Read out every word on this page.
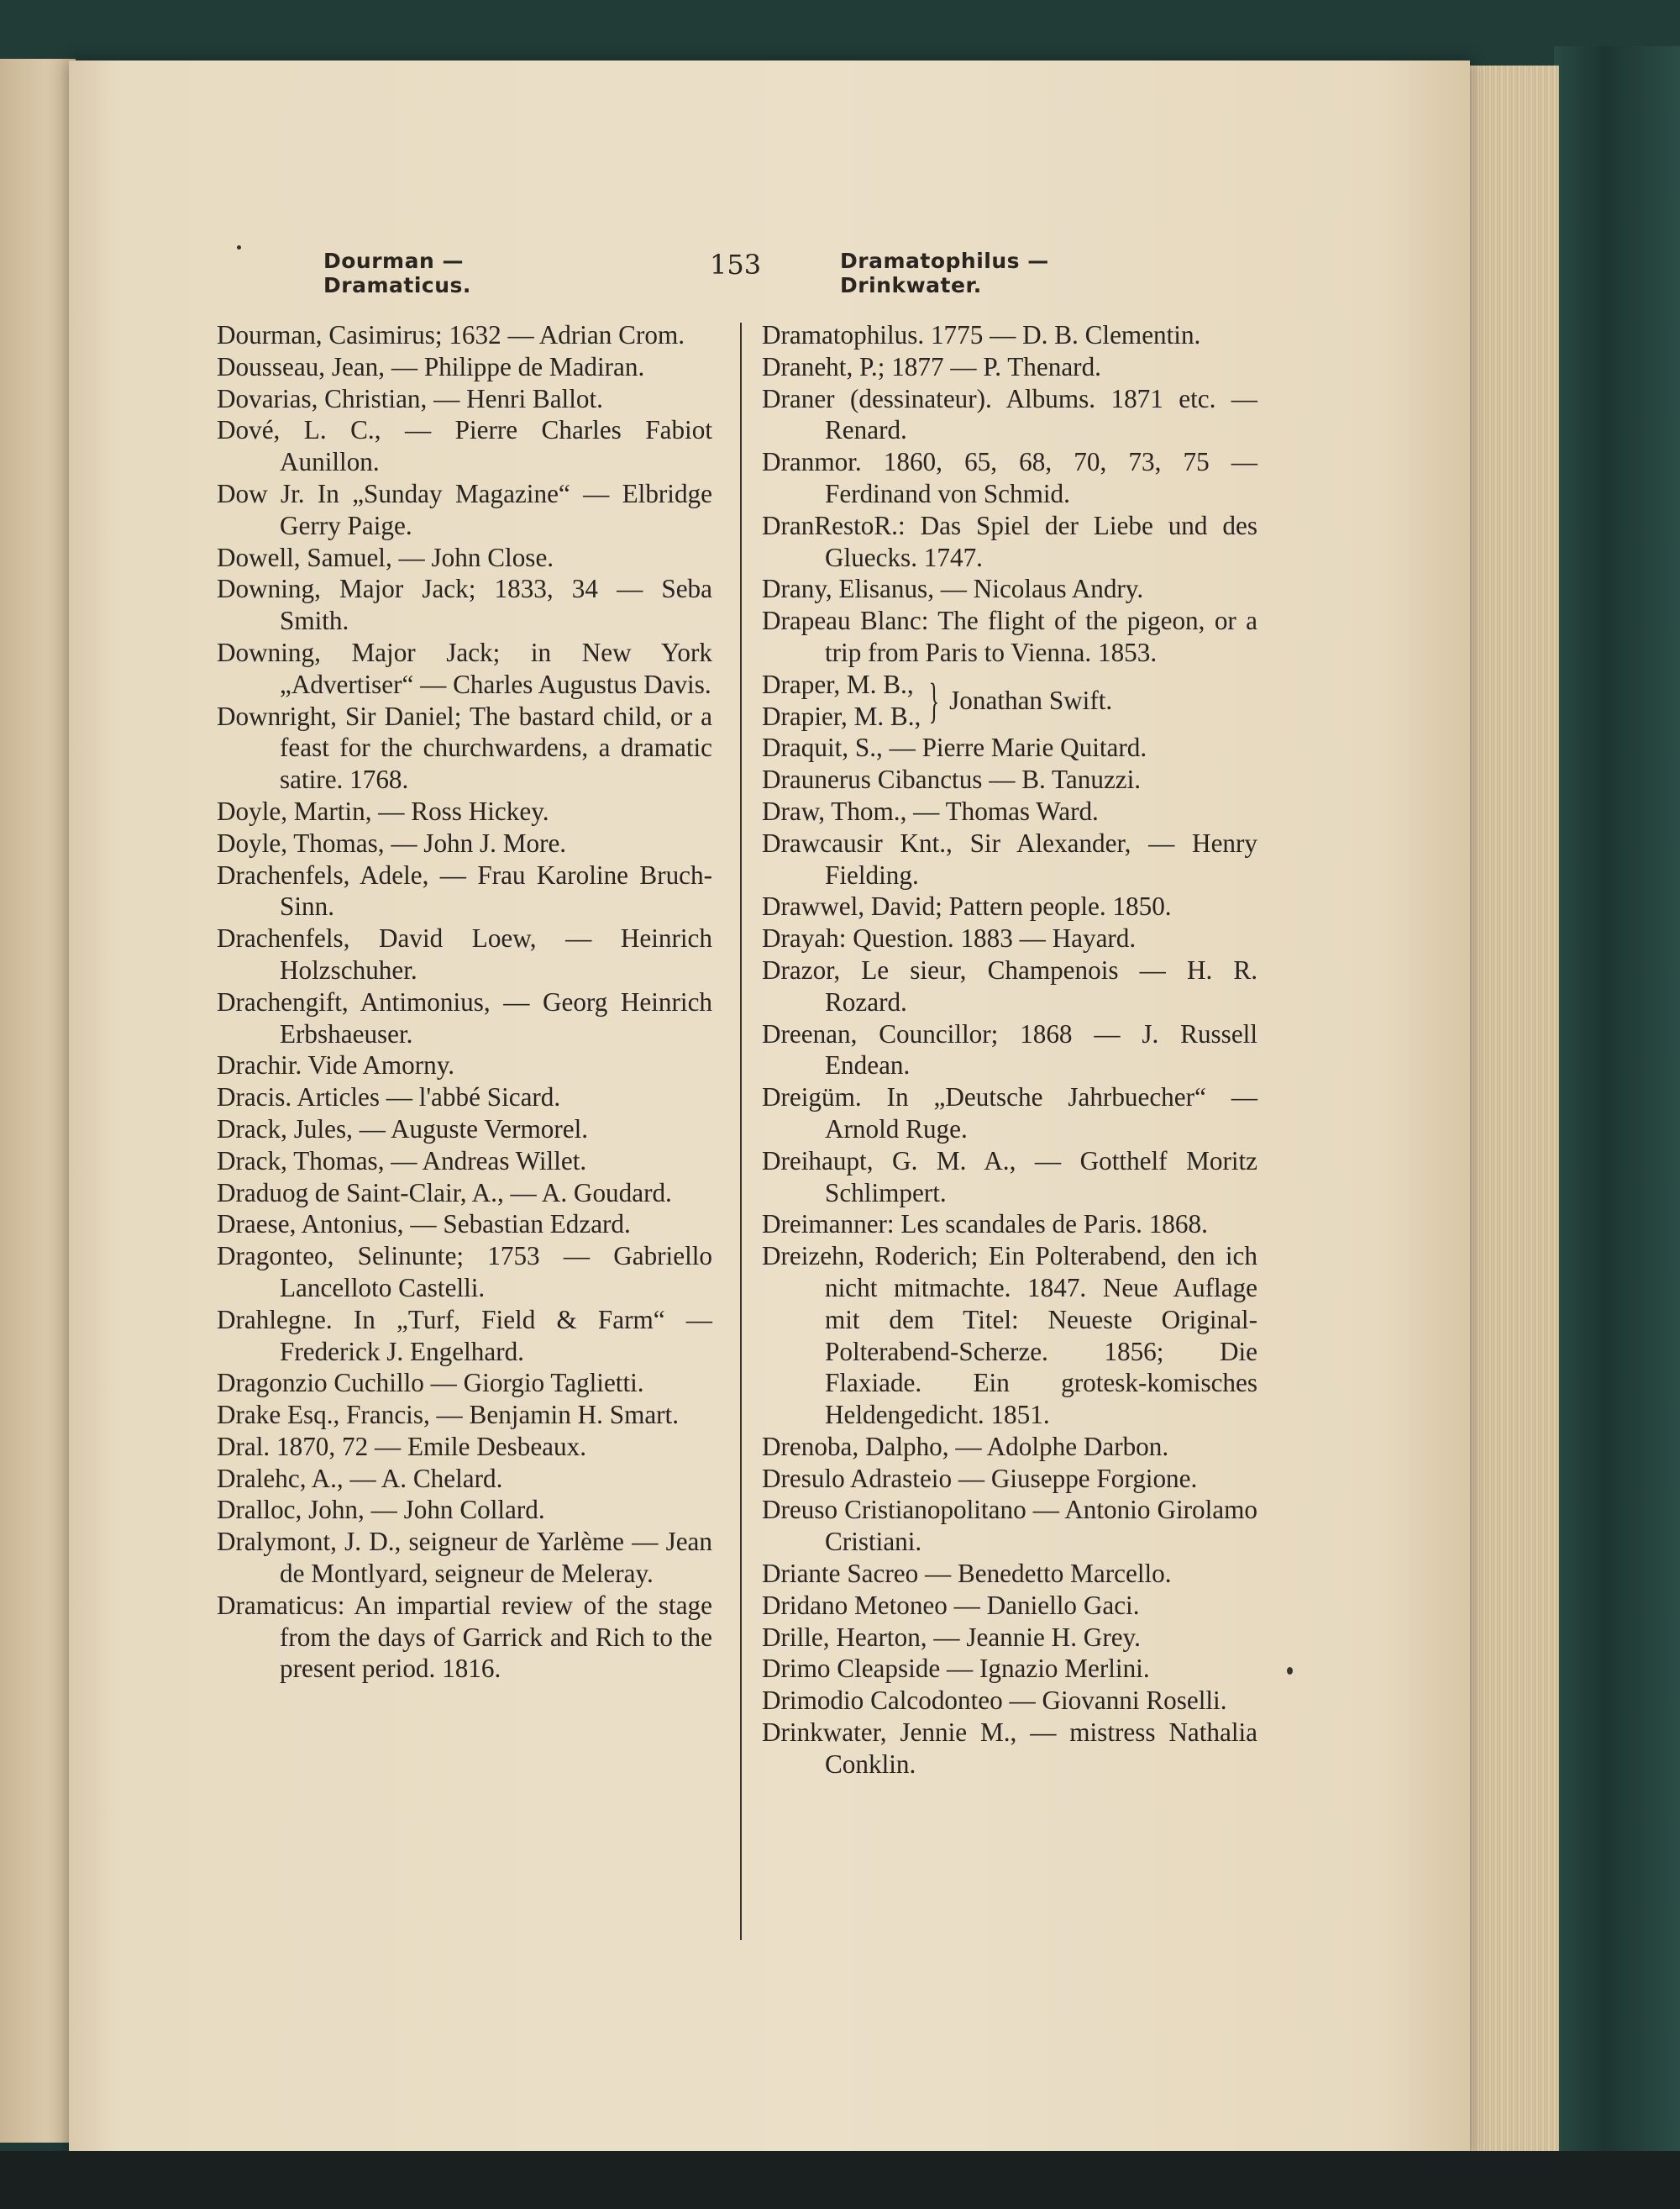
Dourman — Dramaticus.
153	Dramatophilus — Drinkwater.
Dourman, Casimirus; 1632 — Adrian Crom.
Dousseau, Jean, — Philippe de Madiran.
Dovarias, Christian, — Henri Ballot.
Dové, L. C., — Pierre Charles Fabiot Aunillon.
Dow Jr. In „Sunday Magazine“ — Elbridge Gerry Paige.
Dowell, Samuel, — John Close.
Downing, Major Jack; 1833, 34 — Seba Smith.
Downing, Major Jack; in New York „Advertiser“ — Charles Augustus Davis.
Downright, Sir Daniel; The bastard child, or a feast for the churchwardens, a dramatic satire. 1768.
Doyle, Martin, — Ross Hickey.
Doyle, Thomas, — John J. More.
Drachenfels, Adele, — Frau Karoline Bruch-Sinn.
Drachenfels, David Loew, — Heinrich Holzschuher.
Drachengift, Antimonius, — Georg Heinrich Erbshaeuser.
Drachir. Vide Amorny.
Dracis. Articles — l'abbé Sicard.
Drack, Jules, — Auguste Vermorel.
Drack, Thomas, — Andreas Willet.
Draduog de Saint-Clair, A., — A. Goudard.
Draese, Antonius, — Sebastian Edzard.
Dragonteo, Selinunte; 1753 — Gabriello Lancelloto Castelli.
Drahlegne. In „Turf, Field & Farm“ — Frederick J. Engelhard.
Dragonzio Cuchillo — Giorgio Taglietti.
Drake Esq., Francis, — Benjamin H. Smart.
Dral. 1870, 72 — Emile Desbeaux.
Dralehc, A., — A. Chelard.
Dralloc, John, — John Collard.
Dralymont, J. D., seigneur de Yarlème — Jean de Montlyard, seigneur de Meleray.
Dramaticus: An impartial review of the stage from the days of Garrick and Rich to the present period. 1816.
Dramatophilus. 1775 — D. B. Clementin.
Draneht, P.; 1877 — P. Thenard.
Draner (dessinateur). Albums. 1871 etc. — Renard.
Dranmor. 1860, 65, 68, 70, 73, 75 — Ferdinand von Schmid.
DranRestoR.: Das Spiel der Liebe und des Gluecks. 1747.
Drany, Elisanus, — Nicolaus Andry.
Drapeau Blanc: The flight of the pigeon, or a trip from Paris to Vienna. 1853.
Draper, M. B.,
Drapier, M. B., } Jonathan Swift.
Draquit, S., — Pierre Marie Quitard.
Draunerus Cibanctus — B. Tanuzzi.
Draw, Thom., — Thomas Ward.
Drawcausir Knt., Sir Alexander, — Henry Fielding.
Drawwel, David; Pattern people. 1850.
Drayah: Question. 1883 — Hayard.
Drazor, Le sieur, Champenois — H. R. Rozard.
Dreenan, Councillor; 1868 — J. Russell Endean.
Dreigüm. In „Deutsche Jahrbuecher“ — Arnold Ruge.
Dreihaupt, G. M. A., — Gotthelf Moritz Schlimpert.
Dreimanner: Les scandales de Paris. 1868.
Dreizehn, Roderich; Ein Polterabend, den ich nicht mitmachte. 1847. Neue Auflage mit dem Titel: Neueste Original-Polterabend-Scherze. 1856; Die Flaxiade. Ein grotesk-komisches Heldengedicht. 1851.
Drenoba, Dalpho, — Adolphe Darbon.
Dresulo Adrasteio — Giuseppe Forgione.
Dreuso Cristianopolitano — Antonio Girolamo Cristiani.
Driante Sacreo — Benedetto Marcello.
Dridano Metoneo — Daniello Gaci.
Drille, Hearton, — Jeannie H. Grey.
Drimo Cleapside — Ignazio Merlini.
Drimodio Calcodonteo — Giovanni Roselli.
Drinkwater, Jennie M., — mistress Nathalia Conklin.
